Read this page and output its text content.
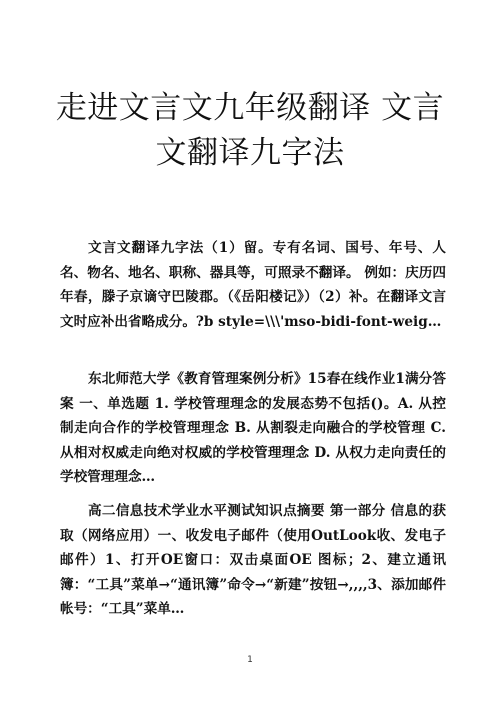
走进文言文九年级翻译 文言文翻译九字法

文言文翻译九字法（1）留。专有名词、国号、年号、人名、物名、地名、职称、器具等，可照录不翻译。 例如：庆历四年春，滕子京谪守巴陵郡。（《岳阳楼记》）（2）补。在翻译文言文时应补出省略成分。?b style=\\\'mso-bidi-font-weig…

东北师范大学《教育管理案例分析》15春在线作业1满分答案 一、单选题 1. 学校管理理念的发展态势不包括()。A. 从控制走向合作的学校管理理念 B. 从割裂走向融合的学校管理 C. 从相对权威走向绝对权威的学校管理理念 D. 从权力走向责任的学校管理理念…

高二信息技术学业水平测试知识点摘要 第一部分 信息的获取（网络应用）一、收发电子邮件（使用OutLook收、发电子邮件）1、打开OE窗口：双击桌面OE 图标；2、建立通讯簿：“工具”菜单→“通讯簿”命令→“新建”按钮→,,,,3、添加邮件帐号：“工具”菜单…

1
